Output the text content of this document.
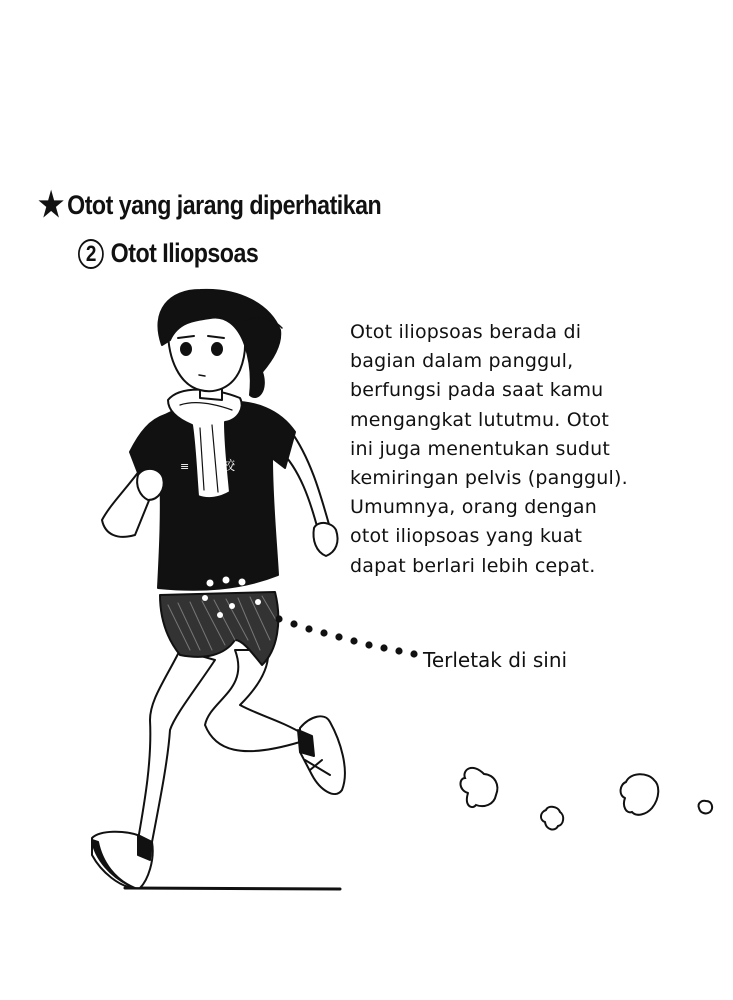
校
≡
★ Otot yang jarang diperhatikan
2 Otot Iliopsoas
Otot iliopsoas berada di
bagian dalam panggul,
berfungsi pada saat kamu
mengangkat lututmu. Otot
ini juga menentukan sudut
kemiringan pelvis (panggul).
Umumnya, orang dengan
otot iliopsoas yang kuat
dapat berlari lebih cepat.
Terletak di sini
